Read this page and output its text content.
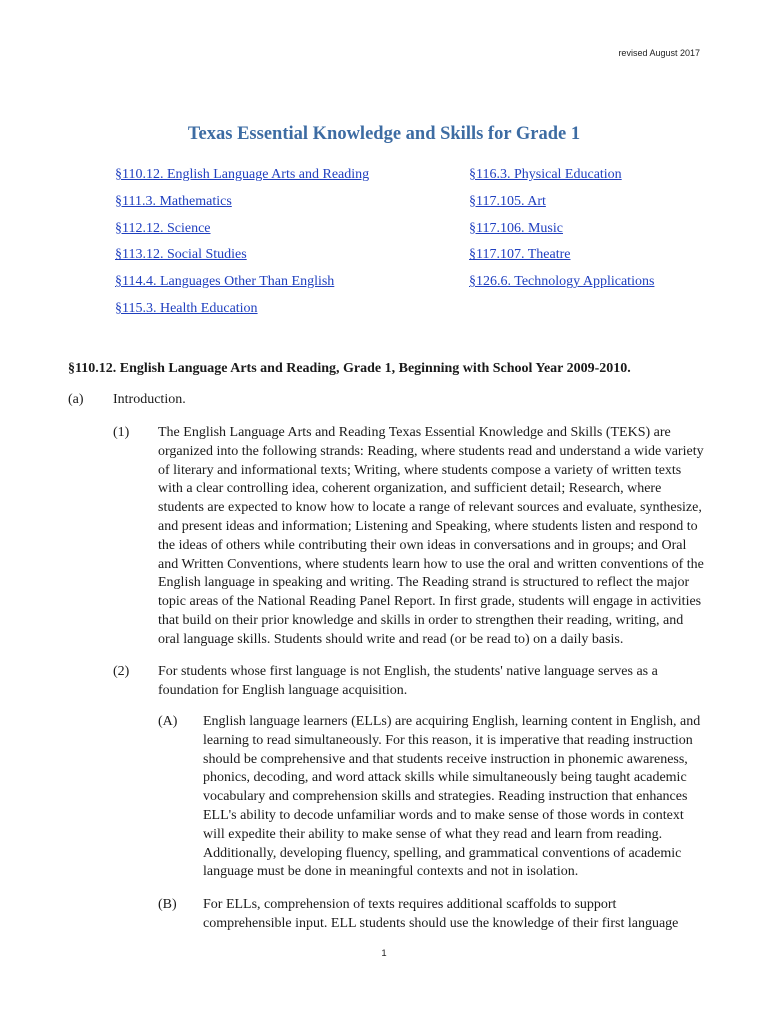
revised August 2017
Texas Essential Knowledge and Skills for Grade 1
§110.12. English Language Arts and Reading
§111.3. Mathematics
§112.12. Science
§113.12. Social Studies
§114.4. Languages Other Than English
§115.3. Health Education
§116.3. Physical Education
§117.105. Art
§117.106. Music
§117.107. Theatre
§126.6. Technology Applications
§110.12. English Language Arts and Reading, Grade 1, Beginning with School Year 2009-2010.
(a) Introduction.
(1) The English Language Arts and Reading Texas Essential Knowledge and Skills (TEKS) are
organized into the following strands: Reading, where students read and understand a wide variety
of literary and informational texts; Writing, where students compose a variety of written texts
with a clear controlling idea, coherent organization, and sufficient detail; Research, where
students are expected to know how to locate a range of relevant sources and evaluate, synthesize,
and present ideas and information; Listening and Speaking, where students listen and respond to
the ideas of others while contributing their own ideas in conversations and in groups; and Oral
and Written Conventions, where students learn how to use the oral and written conventions of the
English language in speaking and writing. The Reading strand is structured to reflect the major
topic areas of the National Reading Panel Report. In first grade, students will engage in activities
that build on their prior knowledge and skills in order to strengthen their reading, writing, and
oral language skills. Students should write and read (or be read to) on a daily basis.
(2) For students whose first language is not English, the students' native language serves as a
foundation for English language acquisition.
(A) English language learners (ELLs) are acquiring English, learning content in English, and
learning to read simultaneously. For this reason, it is imperative that reading instruction
should be comprehensive and that students receive instruction in phonemic awareness,
phonics, decoding, and word attack skills while simultaneously being taught academic
vocabulary and comprehension skills and strategies. Reading instruction that enhances
ELL's ability to decode unfamiliar words and to make sense of those words in context
will expedite their ability to make sense of what they read and learn from reading.
Additionally, developing fluency, spelling, and grammatical conventions of academic
language must be done in meaningful contexts and not in isolation.
(B) For ELLs, comprehension of texts requires additional scaffolds to support
comprehensible input. ELL students should use the knowledge of their first language
1
